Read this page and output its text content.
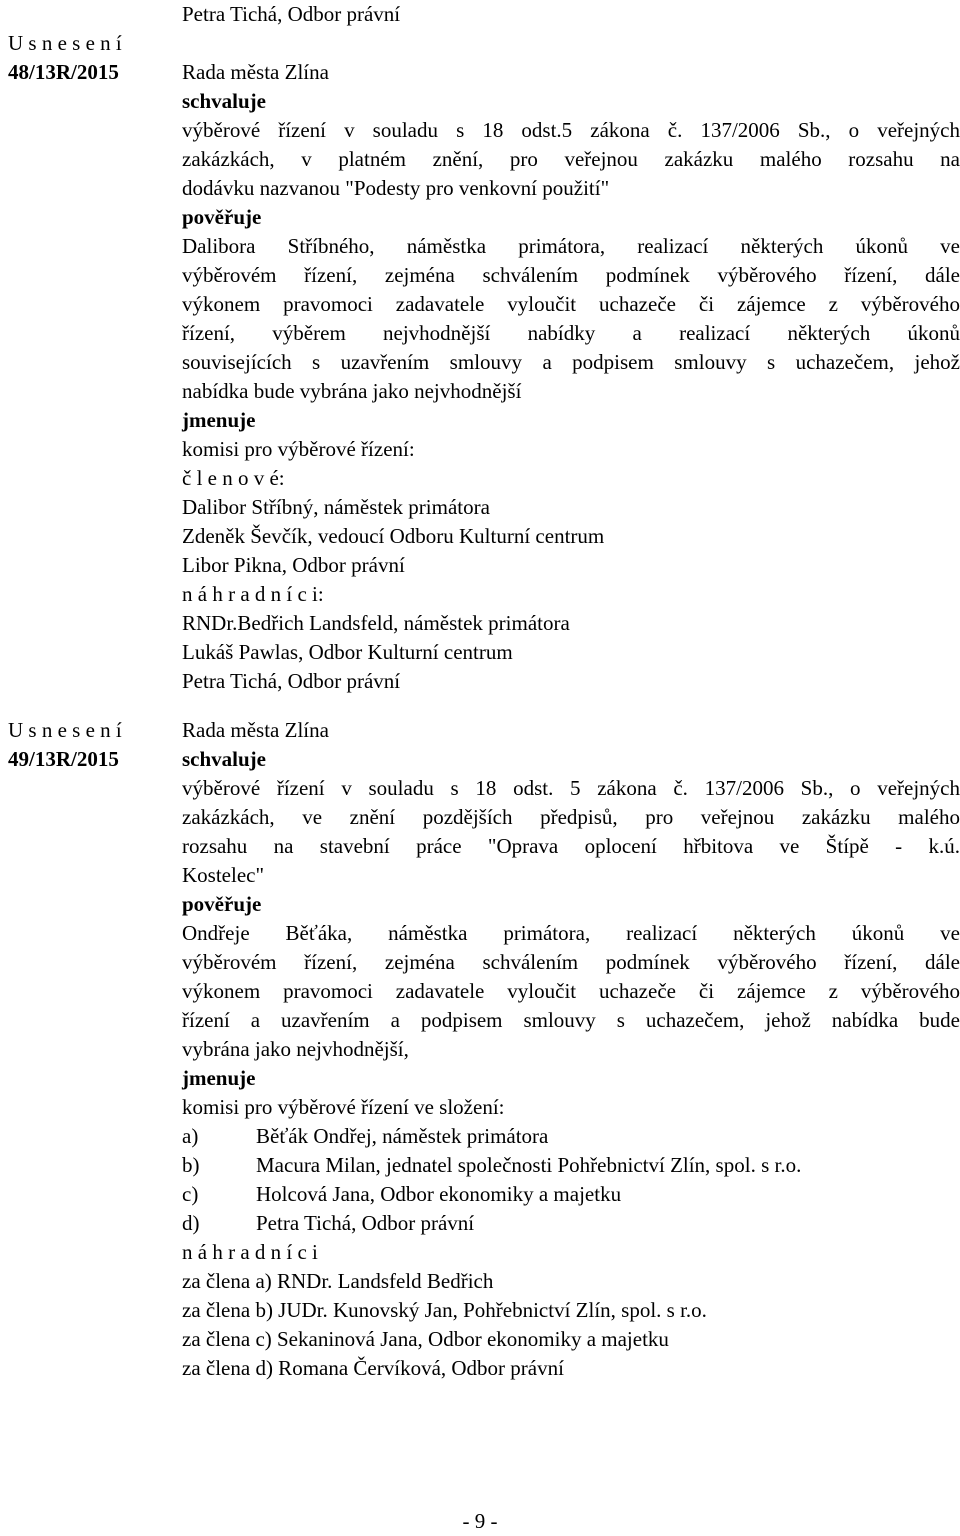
Petra Tichá, Odbor právní
U s n e s e n í
48/13R/2015	Rada města Zlína
schvaluje
výběrové řízení v souladu s 18 odst.5 zákona č. 137/2006 Sb., o veřejných
zakázkách, v platném znění, pro veřejnou zakázku malého rozsahu na
dodávku nazvanou "Podesty pro venkovní použití"
pověřuje
Dalibora Stříbného, náměstka primátora, realizací některých úkonů ve
výběrovém řízení, zejména schválením podmínek výběrového řízení, dále
výkonem pravomoci zadavatele vyloučit uchazeče či zájemce z výběrového
řízení, výběrem nejvhodnější nabídky a realizací některých úkonů
souvisejících s uzavřením smlouvy a podpisem smlouvy s uchazečem, jehož
nabídka bude vybrána jako nejvhodnější
jmenuje
komisi pro výběrové řízení:
č l e n o v é:
Dalibor Stříbný, náměstek primátora
Zdeněk Ševčík, vedoucí Odboru Kulturní centrum
Libor Pikna, Odbor právní
n á h r a d n í c i:
RNDr.Bedřich Landsfeld, náměstek primátora
Lukáš Pawlas, Odbor Kulturní centrum
Petra Tichá, Odbor právní
U s n e s e n í
49/13R/2015
Rada města Zlína
schvaluje
výběrové řízení v souladu s 18 odst. 5 zákona č. 137/2006 Sb., o veřejných
zakázkách, ve znění pozdějších předpisů, pro veřejnou zakázku malého
rozsahu na stavební práce "Oprava oplocení hřbitova ve Štípě - k.ú.
Kostelec"
pověřuje
Ondřeje Běťáka, náměstka primátora, realizací některých úkonů ve
výběrovém řízení, zejména schválením podmínek výběrového řízení, dále
výkonem pravomoci zadavatele vyloučit uchazeče či zájemce z výběrového
řízení a uzavřením a podpisem smlouvy s uchazečem, jehož nabídka bude
vybrána jako nejvhodnější,
jmenuje
komisi pro výběrové řízení ve složení:
a)	Běťák Ondřej, náměstek primátora
b)	Macura Milan, jednatel společnosti Pohřebnictví Zlín, spol. s r.o.
c)	Holcová Jana, Odbor ekonomiky a majetku
d)	Petra Tichá, Odbor právní
n á h r a d n í c i
za člena a) RNDr. Landsfeld Bedřich
za člena b) JUDr. Kunovský Jan, Pohřebnictví Zlín, spol. s r.o.
za člena c) Sekaninová Jana, Odbor ekonomiky a majetku
za člena d) Romana Červíková, Odbor právní
- 9 -
